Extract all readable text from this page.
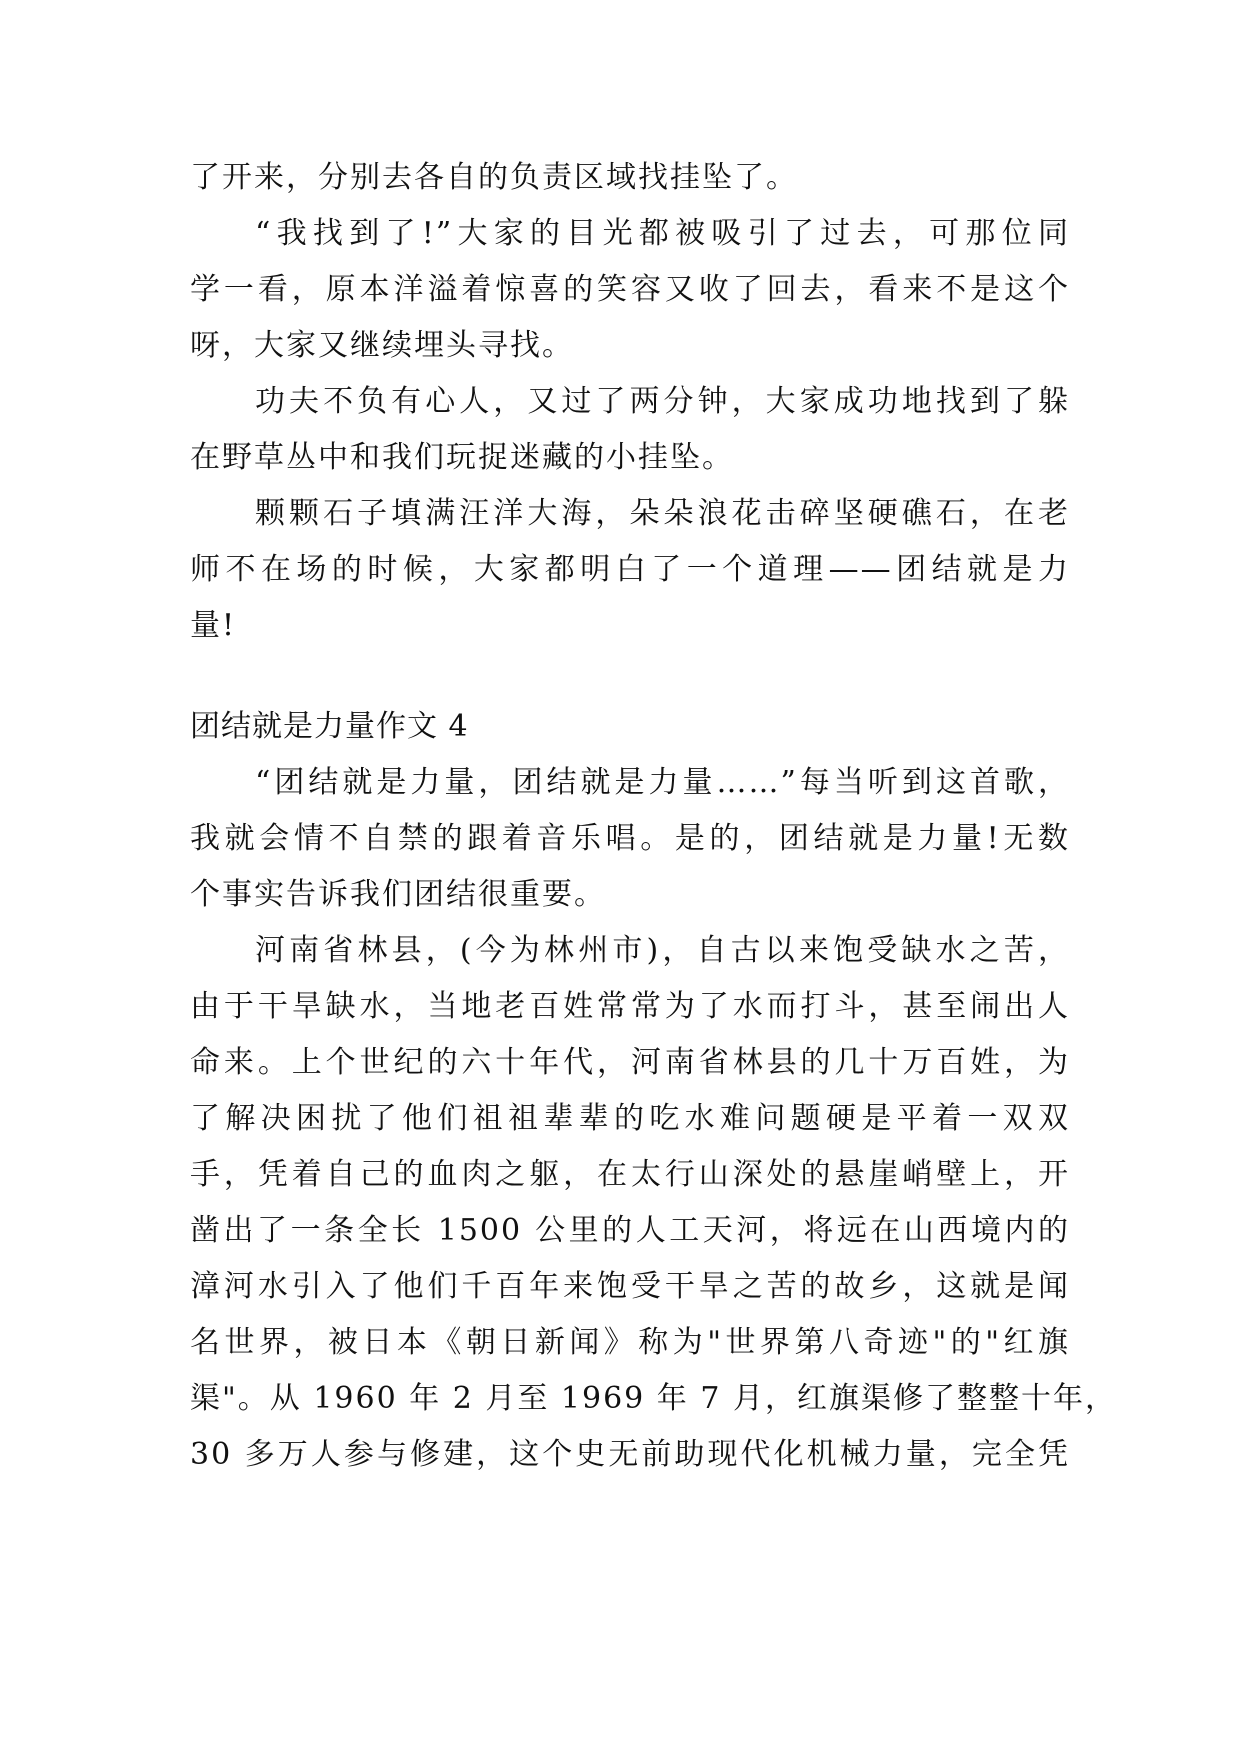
了开来，分别去各自的负责区域找挂坠了。
“我找到了!”大家的目光都被吸引了过去，可那位同
学一看，原本洋溢着惊喜的笑容又收了回去，看来不是这个
呀，大家又继续埋头寻找。
功夫不负有心人，又过了两分钟，大家成功地找到了躲
在野草丛中和我们玩捉迷藏的小挂坠。
颗颗石子填满汪洋大海，朵朵浪花击碎坚硬礁石，在老
师不在场的时候，大家都明白了一个道理——团结就是力
量!
团结就是力量作文 4
“团结就是力量，团结就是力量……”每当听到这首歌，
我就会情不自禁的跟着音乐唱。是的，团结就是力量!无数
个事实告诉我们团结很重要。
河南省林县，(今为林州市)，自古以来饱受缺水之苦，
由于干旱缺水，当地老百姓常常为了水而打斗，甚至闹出人
命来。上个世纪的六十年代，河南省林县的几十万百姓，为
了解决困扰了他们祖祖辈辈的吃水难问题硬是平着一双双
手，凭着自己的血肉之躯，在太行山深处的悬崖峭壁上，开
凿出了一条全长 1500 公里的人工天河，将远在山西境内的
漳河水引入了他们千百年来饱受干旱之苦的故乡，这就是闻
名世界，被日本《朝日新闻》称为"世界第八奇迹"的"红旗
渠"。从 1960 年 2 月至 1969 年 7 月，红旗渠修了整整十年，
30 多万人参与修建，这个史无前助现代化机械力量，完全凭
